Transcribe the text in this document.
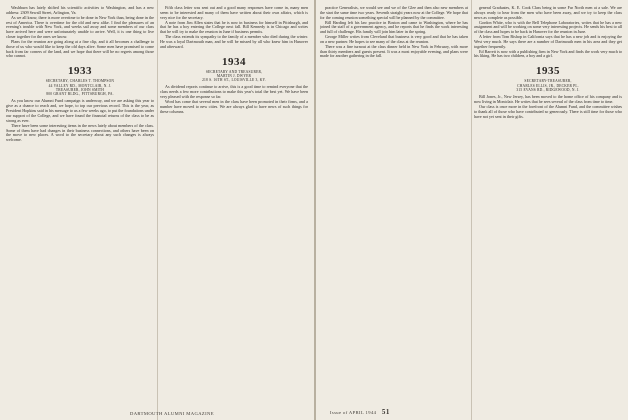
Washburn has lately shifted his scientific activities to Washington, and has a new address: 2309 Sewall Street, Arlington, Va.

As we all know, there is more overtime to be done in New York than, being done in the rest of America. There is overtime for the old and new alike. I find the pleasures of an evening's trouble with New York, and weeks sail away and some members of our class have arrived here and were unfortunately unable to arrive. Well, it is one thing to live closer together for the ones we know.

Plans for the reunion are going along at a fine clip, and it all becomes a challenge to those of us who would like to keep the old days alive. Some men have promised to come back from far corners of the land, and we hope that there will be no regrets among those who cannot.

1933
SECRETARY, CHARLES T. THOMPSON
44 VALLEY RD., MONTCLAIR, N. J.
TREASURER, JOHN SMITH
800 GRANT BLDG., PITTSBURGH, PA.

As you know our Alumni Fund campaign is underway, and we are asking this year to give as a chance to reach and, we hope, to top our previous record. This is the year, as President Hopkins said in his message to us a few weeks ago, to put the foundations under our support of the College, and we have found the financial returns of the class to be as strong as ever.

There have been some interesting items in the news lately about members of the class. Some of them have had changes in their business connections, and others have been on the move to new places. A word to the secretary about any such changes is always welcome.

Fifth class letter was sent out and a good many responses have come in, many men seem to be interested and many of them have written about their own affairs, which is very nice for the secretary.

A note from Jim Allen states that he is now in business for himself in Pittsburgh, and that he has a boy entering the College next fall. Bill Kennedy is in Chicago and writes that he will try to make the reunion in June if business permits.

The class extends its sympathy to the family of a member who died during the winter. He was a loyal Dartmouth man, and he will be missed by all who knew him in Hanover and afterward.

1934
SECRETARY AND TREASURER,
MARTIN J. DWYER
218 S. 16TH ST., LOUISVILLE 3, KY.

As dividend reports continue to arrive, this is a good time to remind everyone that the class needs a few more contributions to make this year's total the best yet. We have been very pleased with the response so far.

Word has come that several men in the class have been promoted in their firms, and a number have moved to new cities. We are always glad to have news of such things for these columns.

practice Generalists, we would see and we of the Glee and then also new members at the start the same time two years. Seventh straight years now at the College. We hope that for the coming reunion something special will be planned by the committee.

Bill Harding left his law practice in Boston and came to Washington, where he has joined the staff of a government agency, and he reports that he finds the work interesting and full of challenge. His family will join him later in the spring.

George Miller writes from Cleveland that business is very good and that he has taken on a new partner. He hopes to see many of the class at the reunion.

There was a fine turnout at the class dinner held in New York in February, with more than thirty members and guests present. It was a most enjoyable evening, and plans were made for another gathering in the fall.

general Graduates, K. E. Cook Class being in some Far North men at a sale. We are always ready to hear from the men who have been away, and we try to keep the class news as complete as possible.

Gordon White, who is with the Bell Telephone Laboratories, writes that he has a new assignment and will be working on some very interesting projects. He sends his best to all of the class and hopes to be back in Hanover for the reunion in June.

A letter from Tom Bishop in California says that he has a new job and is enjoying the West very much. He says there are a number of Dartmouth men in his area and they get together frequently.

Ed Barrett is now with a publishing firm in New York and finds the work very much to his liking. He has two children, a boy and a girl.

1935
SECRETARY-TREASURER,
CHARLES ELLIS, JR., DECKER PL.
315 EVANS RD., RIDGEWOOD, N. J.

Bill Jones, Jr., New Jersey, has been moved to the home office of his company and is now living in Montclair. He writes that he sees several of the class from time to time.

Our class is once more in the forefront of the Alumni Fund, and the committee wishes to thank all of those who have contributed so generously. There is still time for those who have not yet sent in their gifts.

DARTMOUTH ALUMNI MAGAZINE	Issue of APRIL 1944 51
